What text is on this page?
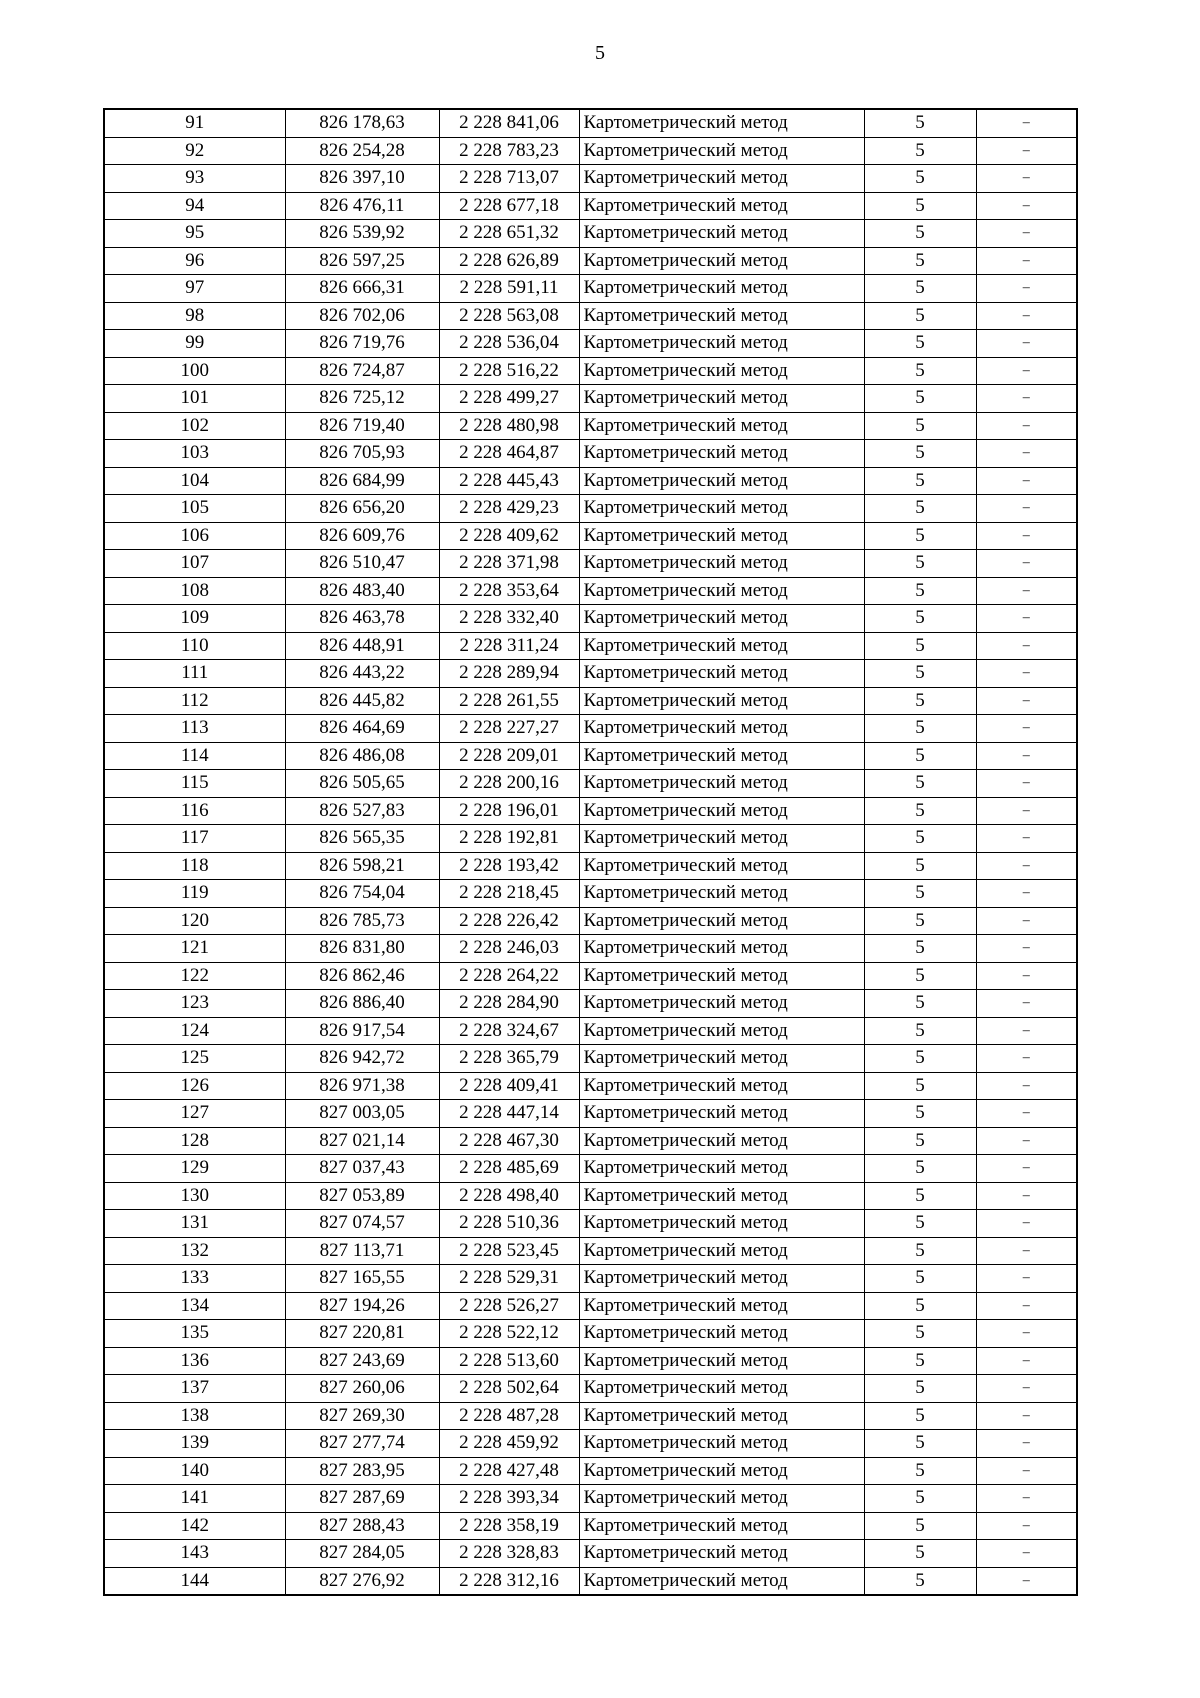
5
91	826 178,63	2 228 841,06	Картометрический метод	5	–
92	826 254,28	2 228 783,23	Картометрический метод	5	–
93	826 397,10	2 228 713,07	Картометрический метод	5	–
94	826 476,11	2 228 677,18	Картометрический метод	5	–
95	826 539,92	2 228 651,32	Картометрический метод	5	–
96	826 597,25	2 228 626,89	Картометрический метод	5	–
97	826 666,31	2 228 591,11	Картометрический метод	5	–
98	826 702,06	2 228 563,08	Картометрический метод	5	–
99	826 719,76	2 228 536,04	Картометрический метод	5	–
100	826 724,87	2 228 516,22	Картометрический метод	5	–
101	826 725,12	2 228 499,27	Картометрический метод	5	–
102	826 719,40	2 228 480,98	Картометрический метод	5	–
103	826 705,93	2 228 464,87	Картометрический метод	5	–
104	826 684,99	2 228 445,43	Картометрический метод	5	–
105	826 656,20	2 228 429,23	Картометрический метод	5	–
106	826 609,76	2 228 409,62	Картометрический метод	5	–
107	826 510,47	2 228 371,98	Картометрический метод	5	–
108	826 483,40	2 228 353,64	Картометрический метод	5	–
109	826 463,78	2 228 332,40	Картометрический метод	5	–
110	826 448,91	2 228 311,24	Картометрический метод	5	–
111	826 443,22	2 228 289,94	Картометрический метод	5	–
112	826 445,82	2 228 261,55	Картометрический метод	5	–
113	826 464,69	2 228 227,27	Картометрический метод	5	–
114	826 486,08	2 228 209,01	Картометрический метод	5	–
115	826 505,65	2 228 200,16	Картометрический метод	5	–
116	826 527,83	2 228 196,01	Картометрический метод	5	–
117	826 565,35	2 228 192,81	Картометрический метод	5	–
118	826 598,21	2 228 193,42	Картометрический метод	5	–
119	826 754,04	2 228 218,45	Картометрический метод	5	–
120	826 785,73	2 228 226,42	Картометрический метод	5	–
121	826 831,80	2 228 246,03	Картометрический метод	5	–
122	826 862,46	2 228 264,22	Картометрический метод	5	–
123	826 886,40	2 228 284,90	Картометрический метод	5	–
124	826 917,54	2 228 324,67	Картометрический метод	5	–
125	826 942,72	2 228 365,79	Картометрический метод	5	–
126	826 971,38	2 228 409,41	Картометрический метод	5	–
127	827 003,05	2 228 447,14	Картометрический метод	5	–
128	827 021,14	2 228 467,30	Картометрический метод	5	–
129	827 037,43	2 228 485,69	Картометрический метод	5	–
130	827 053,89	2 228 498,40	Картометрический метод	5	–
131	827 074,57	2 228 510,36	Картометрический метод	5	–
132	827 113,71	2 228 523,45	Картометрический метод	5	–
133	827 165,55	2 228 529,31	Картометрический метод	5	–
134	827 194,26	2 228 526,27	Картометрический метод	5	–
135	827 220,81	2 228 522,12	Картометрический метод	5	–
136	827 243,69	2 228 513,60	Картометрический метод	5	–
137	827 260,06	2 228 502,64	Картометрический метод	5	–
138	827 269,30	2 228 487,28	Картометрический метод	5	–
139	827 277,74	2 228 459,92	Картометрический метод	5	–
140	827 283,95	2 228 427,48	Картометрический метод	5	–
141	827 287,69	2 228 393,34	Картометрический метод	5	–
142	827 288,43	2 228 358,19	Картометрический метод	5	–
143	827 284,05	2 228 328,83	Картометрический метод	5	–
144	827 276,92	2 228 312,16	Картометрический метод	5	–
